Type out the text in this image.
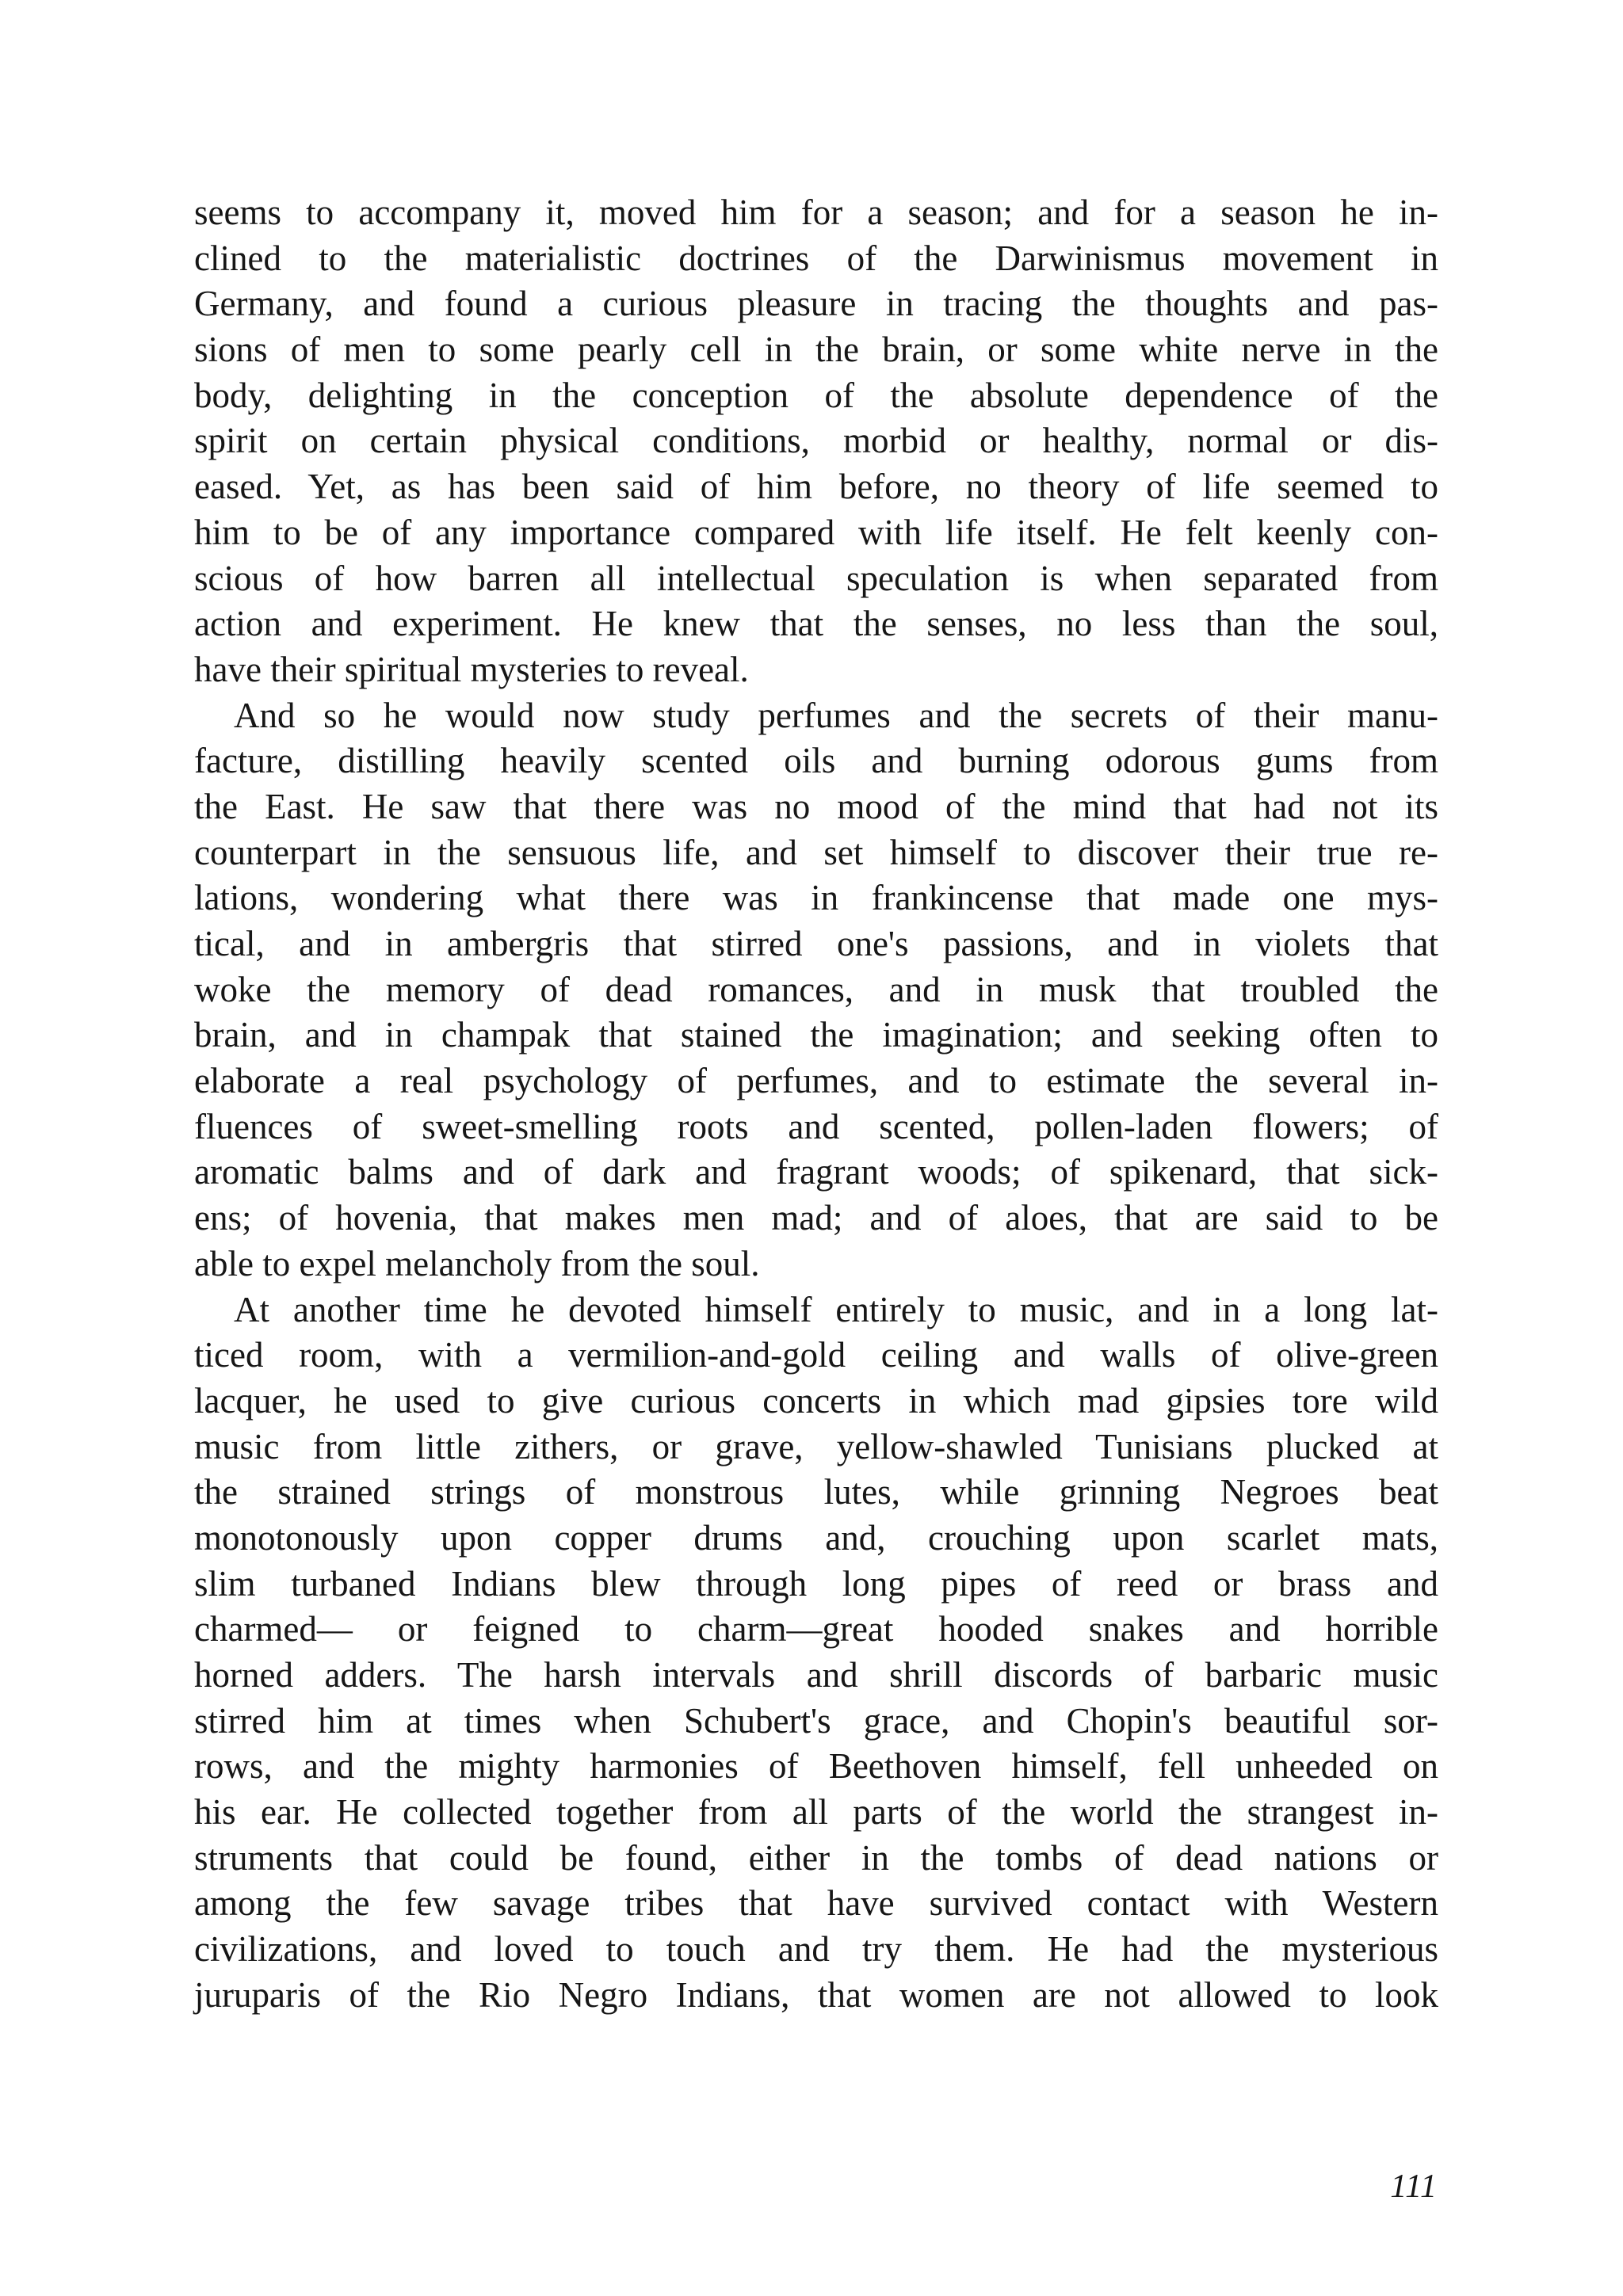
seems to accompany it, moved him for a season; and for a season he in-
clined to the materialistic doctrines of the Darwinismus movement in
Germany, and found a curious pleasure in tracing the thoughts and pas-
sions of men to some pearly cell in the brain, or some white nerve in the
body, delighting in the conception of the absolute dependence of the
spirit on certain physical conditions, morbid or healthy, normal or dis-
eased. Yet, as has been said of him before, no theory of life seemed to
him to be of any importance compared with life itself. He felt keenly con-
scious of how barren all intellectual speculation is when separated from
action and experiment. He knew that the senses, no less than the soul,
have their spiritual mysteries to reveal.
And so he would now study perfumes and the secrets of their manu-
facture, distilling heavily scented oils and burning odorous gums from
the East. He saw that there was no mood of the mind that had not its
counterpart in the sensuous life, and set himself to discover their true re-
lations, wondering what there was in frankincense that made one mys-
tical, and in ambergris that stirred one's passions, and in violets that
woke the memory of dead romances, and in musk that troubled the
brain, and in champak that stained the imagination; and seeking often to
elaborate a real psychology of perfumes, and to estimate the several in-
fluences of sweet-smelling roots and scented, pollen-laden flowers; of
aromatic balms and of dark and fragrant woods; of spikenard, that sick-
ens; of hovenia, that makes men mad; and of aloes, that are said to be
able to expel melancholy from the soul.
At another time he devoted himself entirely to music, and in a long lat-
ticed room, with a vermilion-and-gold ceiling and walls of olive-green
lacquer, he used to give curious concerts in which mad gipsies tore wild
music from little zithers, or grave, yellow-shawled Tunisians plucked at
the strained strings of monstrous lutes, while grinning Negroes beat
monotonously upon copper drums and, crouching upon scarlet mats,
slim turbaned Indians blew through long pipes of reed or brass and
charmed— or feigned to charm—great hooded snakes and horrible
horned adders. The harsh intervals and shrill discords of barbaric music
stirred him at times when Schubert's grace, and Chopin's beautiful sor-
rows, and the mighty harmonies of Beethoven himself, fell unheeded on
his ear. He collected together from all parts of the world the strangest in-
struments that could be found, either in the tombs of dead nations or
among the few savage tribes that have survived contact with Western
civilizations, and loved to touch and try them. He had the mysterious
juruparis of the Rio Negro Indians, that women are not allowed to look
111
